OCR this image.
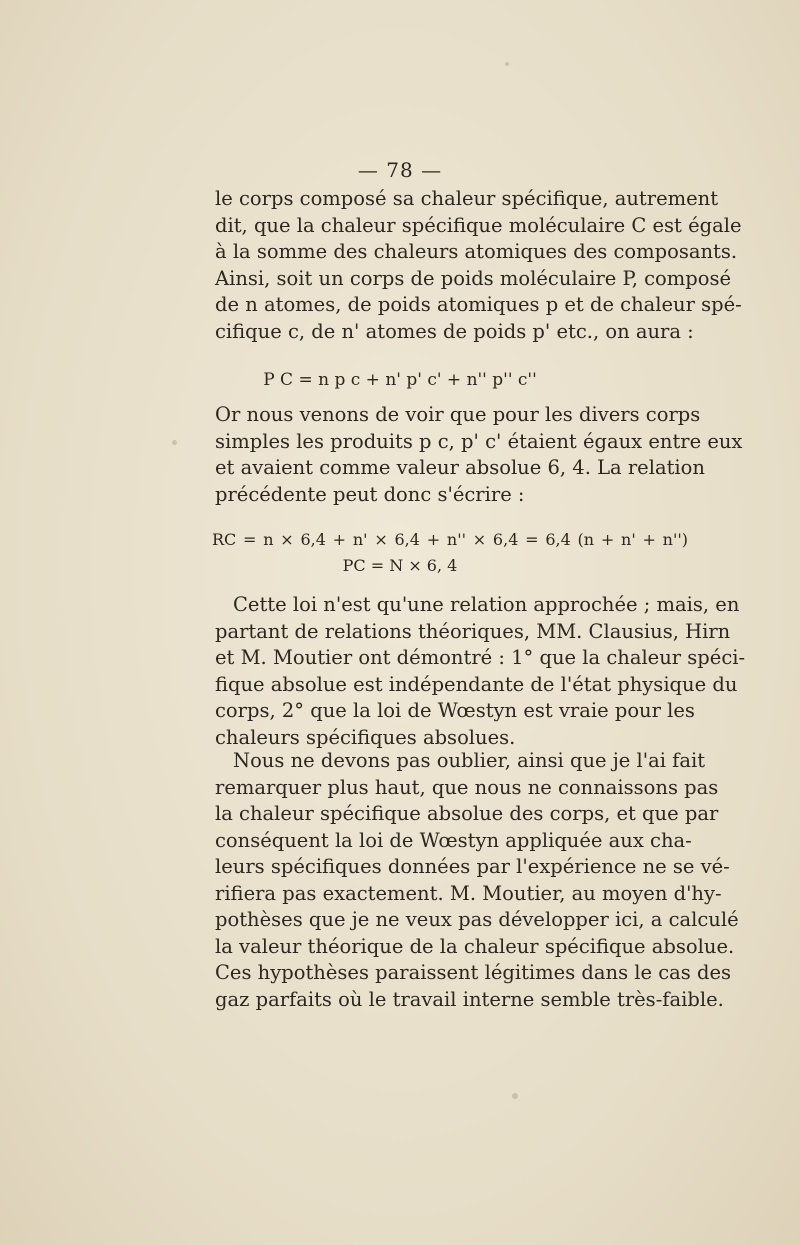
— 78 —
le corps composé sa chaleur spécifique, autrement
dit, que la chaleur spécifique moléculaire C est égale
à la somme des chaleurs atomiques des composants.
Ainsi, soit un corps de poids moléculaire P, composé
de n atomes, de poids atomiques p et de chaleur spé-
cifique c, de n' atomes de poids p' etc., on aura :
P C = n p c + n' p' c' + n'' p'' c''
Or nous venons de voir que pour les divers corps
simples les produits p c, p' c' étaient égaux entre eux
et avaient comme valeur absolue 6, 4. La relation
précédente peut donc s'écrire :
RC = n × 6,4 + n' × 6,4 + n'' × 6,4 = 6,4 (n + n' + n'')
PC = N × 6, 4
Cette loi n'est qu'une relation approchée ; mais, en
partant de relations théoriques, MM. Clausius, Hirn
et M. Moutier ont démontré : 1° que la chaleur spéci-
fique absolue est indépendante de l'état physique du
corps, 2° que la loi de Wœstyn est vraie pour les
chaleurs spécifiques absolues.
Nous ne devons pas oublier, ainsi que je l'ai fait
remarquer plus haut, que nous ne connaissons pas
la chaleur spécifique absolue des corps, et que par
conséquent la loi de Wœstyn appliquée aux cha-
leurs spécifiques données par l'expérience ne se vé-
rifiera pas exactement. M. Moutier, au moyen d'hy-
pothèses que je ne veux pas développer ici, a calculé
la valeur théorique de la chaleur spécifique absolue.
Ces hypothèses paraissent légitimes dans le cas des
gaz parfaits où le travail interne semble très-faible.
